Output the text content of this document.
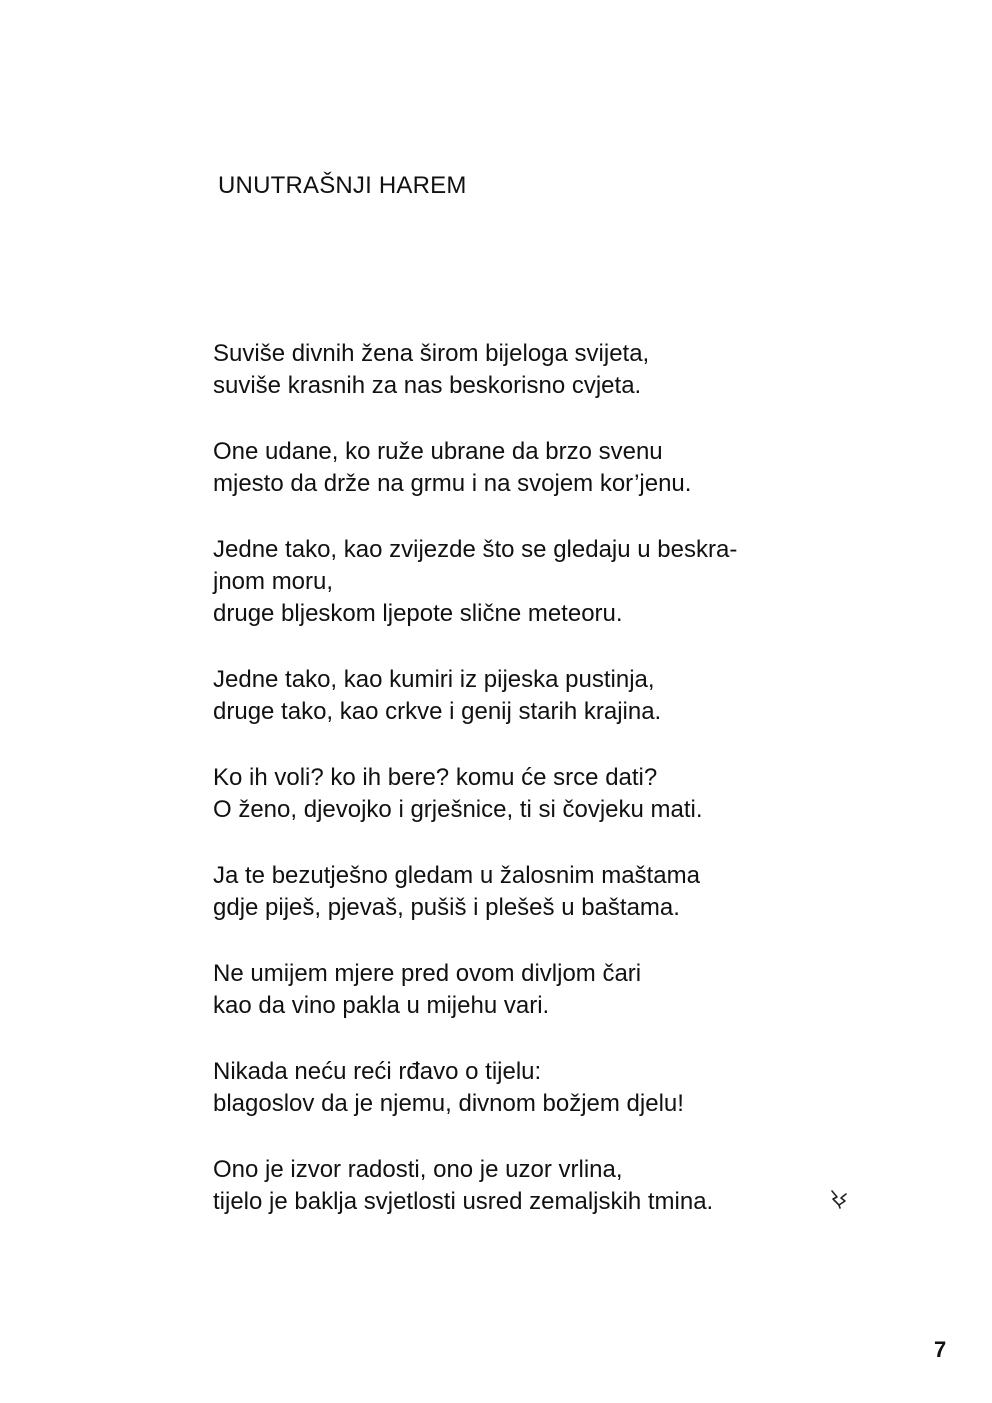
UNUTRAŠNJI HAREM
Suviše divnih žena širom bijeloga svijeta,
suviše krasnih za nas beskorisno cvjeta.
One udane, ko ruže ubrane da brzo svenu
mjesto da drže na grmu i na svojem kor’jenu.
Jedne tako, kao zvijezde što se gledaju u beskra-
jnom moru,
druge bljeskom ljepote slične meteoru.
Jedne tako, kao kumiri iz pijeska pustinja,
druge tako, kao crkve i genij starih krajina.
Ko ih voli? ko ih bere? komu će srce dati?
O ženo, djevojko i grješnice, ti si čovjeku mati.
Ja te bezutješno gledam u žalosnim maštama
gdje piješ, pjevaš, pušiš i plešeš u baštama.
Ne umijem mjere pred ovom divljom čari
kao da vino pakla u mijehu vari.
Nikada neću reći rđavo o tijelu:
blagoslov da je njemu, divnom božjem djelu!
Ono je izvor radosti, ono je uzor vrlina,
tijelo je baklja svjetlosti usred zemaljskih tmina.
7
